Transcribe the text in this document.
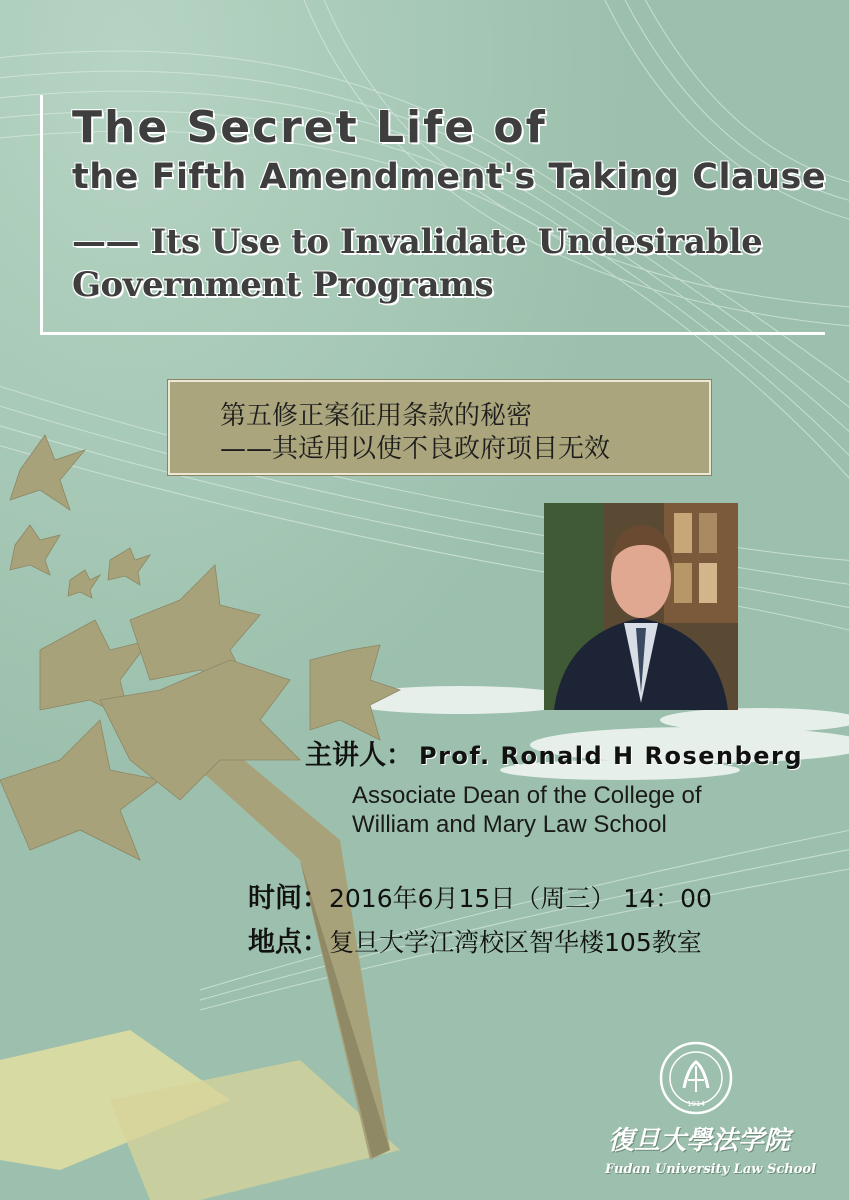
The Secret Life of
the Fifth Amendment's Taking Clause
—— Its Use to Invalidate Undesirable
Government Programs
第五修正案征用条款的秘密
——其适用以使不良政府项目无效
主讲人： Prof. Ronald H Rosenberg
Associate Dean of the College of
William and Mary Law School
时间：2016年6月15日（周三） 14：00
地点：复旦大学江湾校区智华楼105教室
1914
復旦大學法学院
Fudan University Law School
